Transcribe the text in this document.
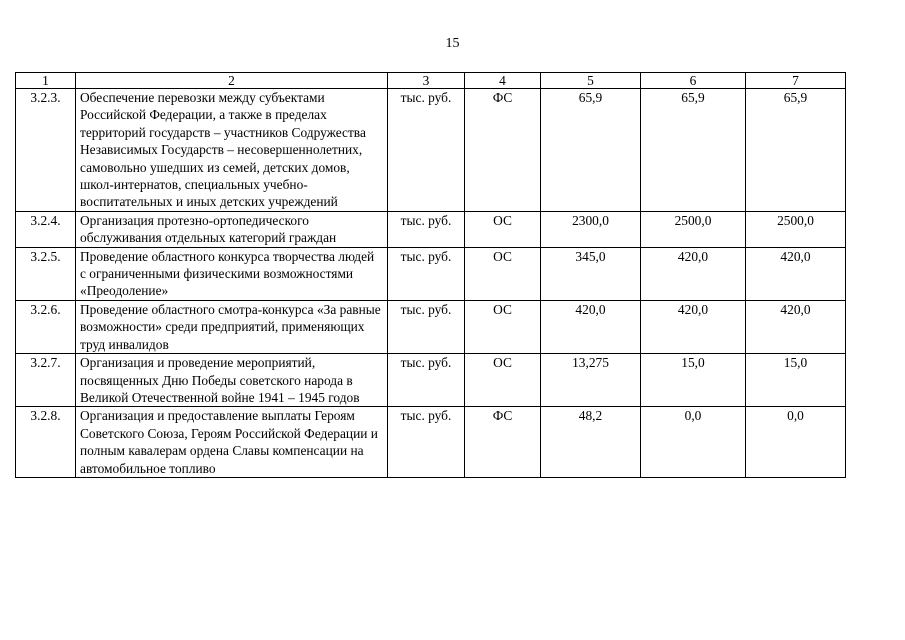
15
1	2	3	4	5	6	7
3.2.3.	Обеспечение перевозки между субъектами Российской Федерации, а также в пределах территорий государств – участников Содружества Независимых Государств – несовершеннолетних, самовольно ушедших из семей, детских домов, школ-интернатов, специальных учебно-воспитательных и иных детских учреждений	тыс. руб.	ФС	65,9	65,9	65,9
3.2.4.	Организация протезно-ортопедического обслуживания отдельных категорий граждан	тыс. руб.	ОС	2300,0	2500,0	2500,0
3.2.5.	Проведение областного конкурса творчества людей с ограниченными физическими возможностями «Преодоление»	тыс. руб.	ОС	345,0	420,0	420,0
3.2.6.	Проведение областного смотра-конкурса «За равные возможности» среди предприятий, применяющих труд инвалидов	тыс. руб.	ОС	420,0	420,0	420,0
3.2.7.	Организация и проведение мероприятий, посвященных Дню Победы советского народа в Великой Отечественной войне 1941 – 1945 годов	тыс. руб.	ОС	13,275	15,0	15,0
3.2.8.	Организация и предоставление выплаты Героям Советского Союза, Героям Российской Федерации и полным кавалерам ордена Славы компенсации на автомобильное топливо	тыс. руб.	ФС	48,2	0,0	0,0
